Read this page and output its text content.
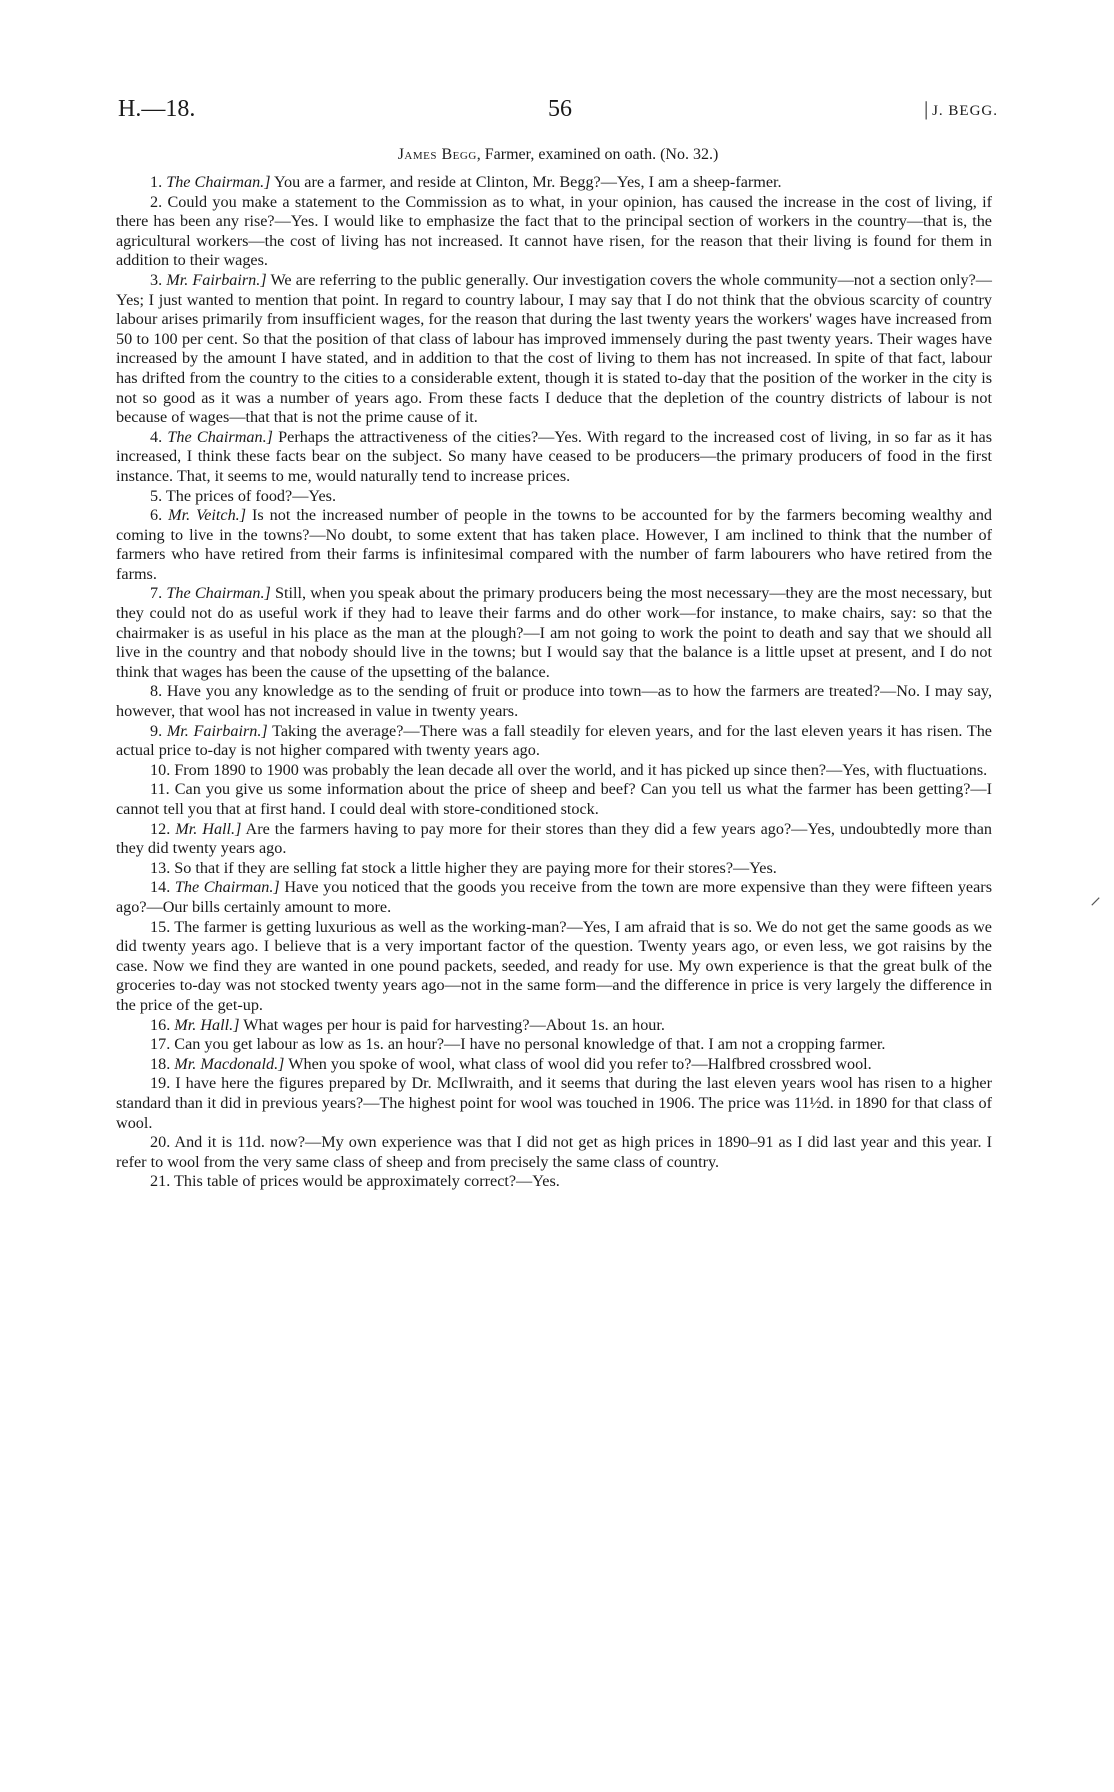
H.—18.	56
|	J. BEGG.
James Begg, Farmer, examined on oath. (No. 32.)

1. The Chairman.] You are a farmer, and reside at Clinton, Mr. Begg?—Yes, I am a sheep-farmer.

2. Could you make a statement to the Commission as to what, in your opinion, has caused the increase in the cost of living, if there has been any rise?—Yes. I would like to emphasize the fact that to the principal section of workers in the country—that is, the agricultural workers—the cost of living has not increased. It cannot have risen, for the reason that their living is found for them in addition to their wages.

3. Mr. Fairbairn.] We are referring to the public generally. Our investigation covers the whole community—not a section only?—Yes; I just wanted to mention that point. In regard to country labour, I may say that I do not think that the obvious scarcity of country labour arises primarily from insufficient wages, for the reason that during the last twenty years the workers' wages have increased from 50 to 100 per cent. So that the position of that class of labour has improved immensely during the past twenty years. Their wages have increased by the amount I have stated, and in addition to that the cost of living to them has not increased. In spite of that fact, labour has drifted from the country to the cities to a considerable extent, though it is stated to-day that the position of the worker in the city is not so good as it was a number of years ago. From these facts I deduce that the depletion of the country districts of labour is not because of wages—that that is not the prime cause of it.

4. The Chairman.] Perhaps the attractiveness of the cities?—Yes. With regard to the increased cost of living, in so far as it has increased, I think these facts bear on the subject. So many have ceased to be producers—the primary producers of food in the first instance. That, it seems to me, would naturally tend to increase prices.

5. The prices of food?—Yes.

6. Mr. Veitch.] Is not the increased number of people in the towns to be accounted for by the farmers becoming wealthy and coming to live in the towns?—No doubt, to some extent that has taken place. However, I am inclined to think that the number of farmers who have retired from their farms is infinitesimal compared with the number of farm labourers who have retired from the farms.

7. The Chairman.] Still, when you speak about the primary producers being the most necessary—they are the most necessary, but they could not do as useful work if they had to leave their farms and do other work—for instance, to make chairs, say: so that the chairmaker is as useful in his place as the man at the plough?—I am not going to work the point to death and say that we should all live in the country and that nobody should live in the towns; but I would say that the balance is a little upset at present, and I do not think that wages has been the cause of the upsetting of the balance.

8. Have you any knowledge as to the sending of fruit or produce into town—as to how the farmers are treated?—No. I may say, however, that wool has not increased in value in twenty years.

9. Mr. Fairbairn.] Taking the average?—There was a fall steadily for eleven years, and for the last eleven years it has risen. The actual price to-day is not higher compared with twenty years ago.

10. From 1890 to 1900 was probably the lean decade all over the world, and it has picked up since then?—Yes, with fluctuations.

11. Can you give us some information about the price of sheep and beef? Can you tell us what the farmer has been getting?—I cannot tell you that at first hand. I could deal with store-conditioned stock.

12. Mr. Hall.] Are the farmers having to pay more for their stores than they did a few years ago?—Yes, undoubtedly more than they did twenty years ago.

13. So that if they are selling fat stock a little higher they are paying more for their stores?—Yes.

14. The Chairman.] Have you noticed that the goods you receive from the town are more expensive than they were fifteen years ago?—Our bills certainly amount to more.

15. The farmer is getting luxurious as well as the working-man?—Yes, I am afraid that is so. We do not get the same goods as we did twenty years ago. I believe that is a very important factor of the question. Twenty years ago, or even less, we got raisins by the case. Now we find they are wanted in one pound packets, seeded, and ready for use. My own experience is that the great bulk of the groceries to-day was not stocked twenty years ago—not in the same form—and the difference in price is very largely the difference in the price of the get-up.

16. Mr. Hall.] What wages per hour is paid for harvesting?—About 1s. an hour.

17. Can you get labour as low as 1s. an hour?—I have no personal knowledge of that. I am not a cropping farmer.

18. Mr. Macdonald.] When you spoke of wool, what class of wool did you refer to?—Halfbred crossbred wool.

19. I have here the figures prepared by Dr. McIlwraith, and it seems that during the last eleven years wool has risen to a higher standard than it did in previous years?—The highest point for wool was touched in 1906. The price was 11½d. in 1890 for that class of wool.

20. And it is 11d. now?—My own experience was that I did not get as high prices in 1890–91 as I did last year and this year. I refer to wool from the very same class of sheep and from precisely the same class of country.

21. This table of prices would be approximately correct?—Yes.

⸍
